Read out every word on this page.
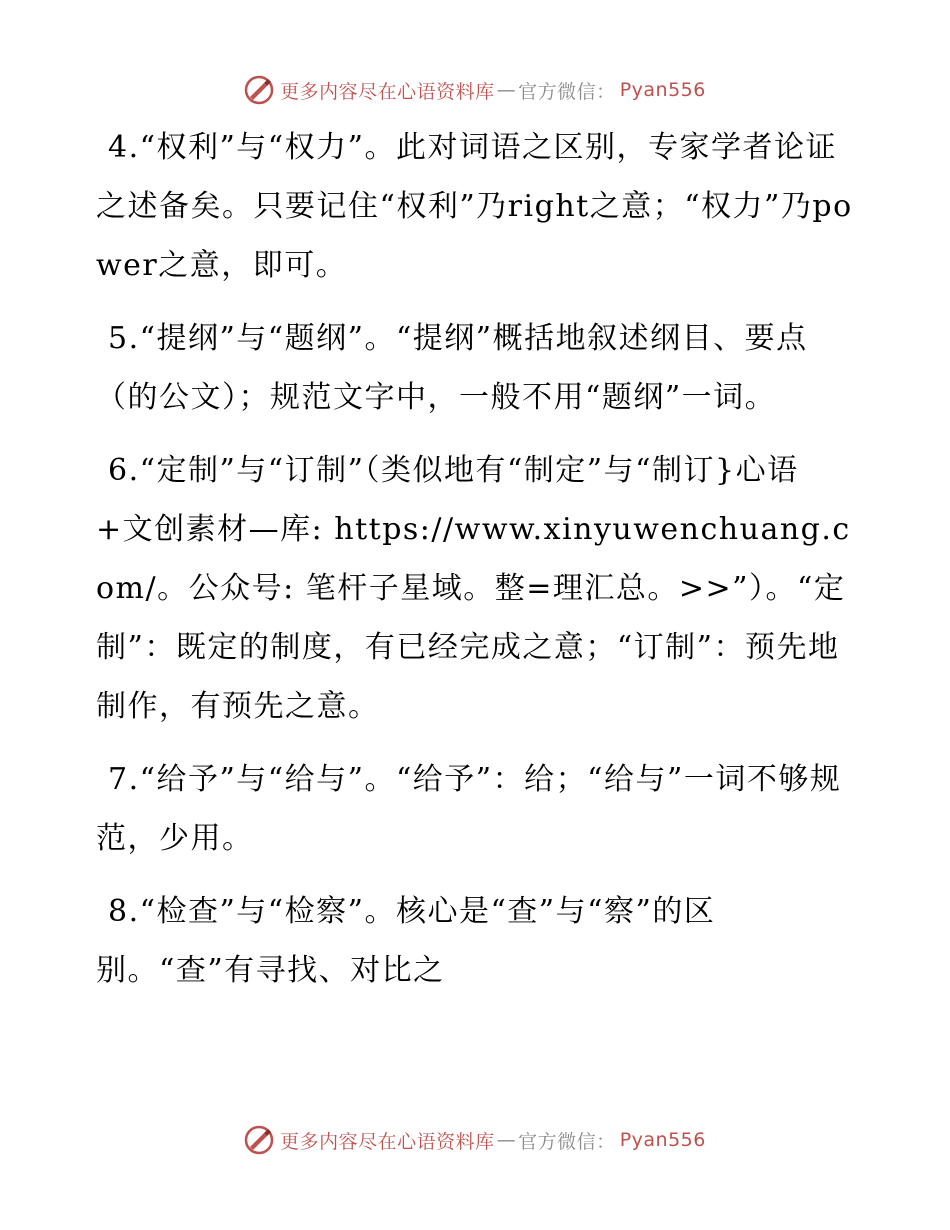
更多内容尽在心语资料库 — 官方微信： Pyan556

4.“权利”与“权力”。此对词语之区别，专家学者论证之述备矣。只要记住“权利”乃right之意；“权力”乃power之意，即可。

5.“提纲”与“题纲”。“提纲”概括地叙述纲目、要点（的公文）；规范文字中，一般不用“题纲”一词。

6.“定制”与“订制”（类似地有“制定”与“制订}心语+文创素材—库: https://www.xinyuwenchuang.com/。公众号: 笔杆子星域。整=理汇总。>>”）。“定制”：既定的制度，有已经完成之意；“订制”：预先地制作，有预先之意。

7.“给予”与“给与”。“给予”：给；“给与”一词不够规范，少用。

8.“检查”与“检察”。核心是“查”与“察”的区别。“查”有寻找、对比之

更多内容尽在心语资料库 — 官方微信： Pyan556
